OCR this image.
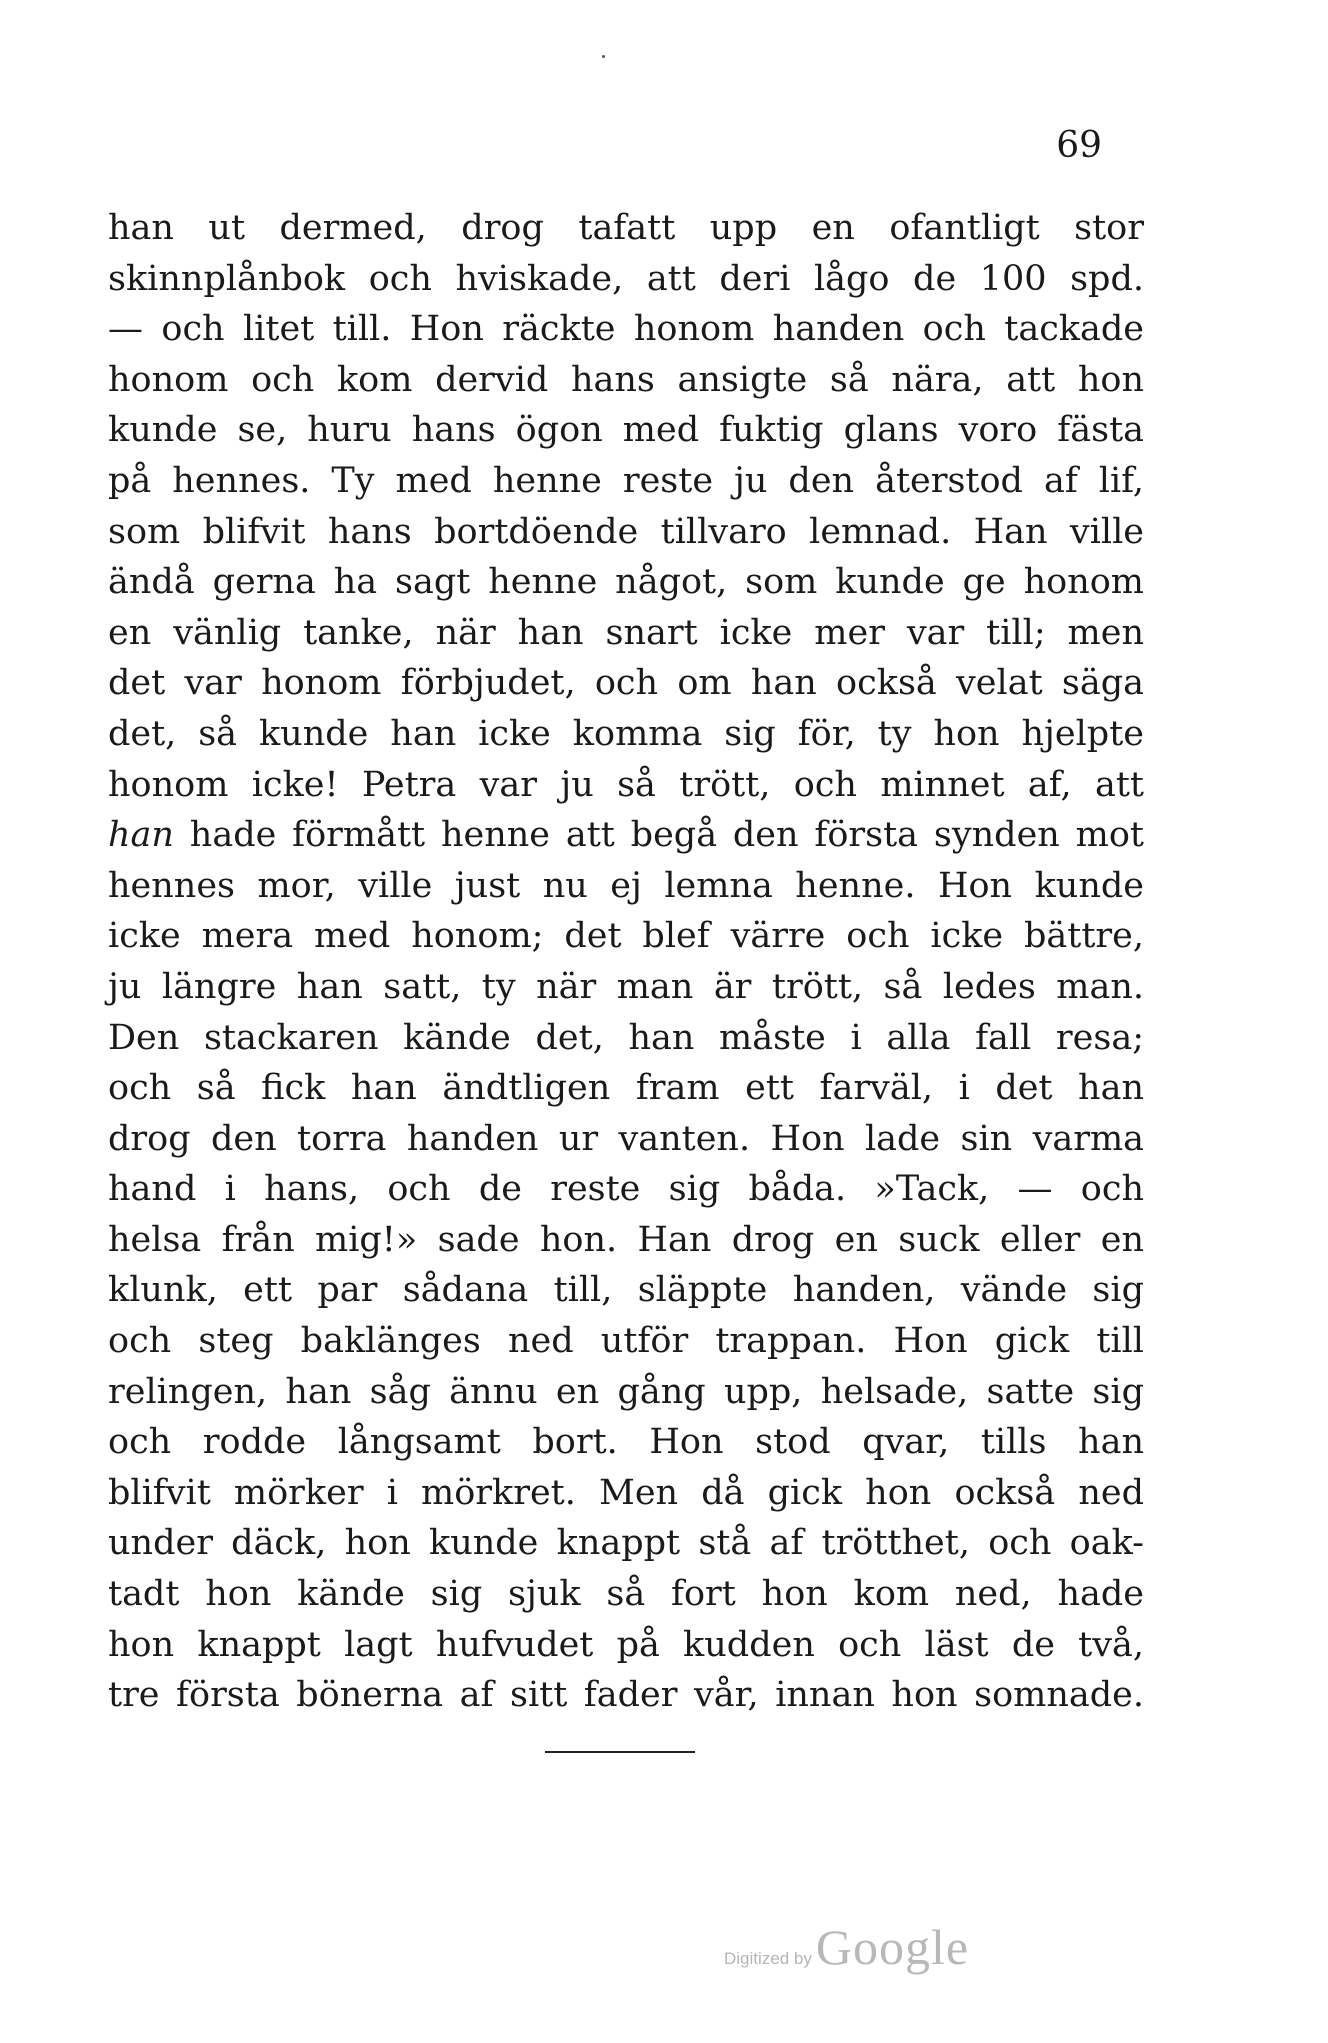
69
han ut dermed, drog tafatt upp en ofantligt stor
skinnplånbok och hviskade, att deri lågo de 100 spd.
— och litet till. Hon räckte honom handen och tackade
honom och kom dervid hans ansigte så nära, att hon
kunde se, huru hans ögon med fuktig glans voro fästa
på hennes. Ty med henne reste ju den återstod af lif,
som blifvit hans bortdöende tillvaro lemnad. Han ville
ändå gerna ha sagt henne något, som kunde ge honom
en vänlig tanke, när han snart icke mer var till; men
det var honom förbjudet, och om han också velat säga
det, så kunde han icke komma sig för, ty hon hjelpte
honom icke! Petra var ju så trött, och minnet af, att
han hade förmått henne att begå den första synden mot
hennes mor, ville just nu ej lemna henne. Hon kunde
icke mera med honom; det blef värre och icke bättre,
ju längre han satt, ty när man är trött, så ledes man.
Den stackaren kände det, han måste i alla fall resa;
och så fick han ändtligen fram ett farväl, i det han
drog den torra handen ur vanten. Hon lade sin varma
hand i hans, och de reste sig båda. »Tack, — och
helsa från mig!» sade hon. Han drog en suck eller en
klunk, ett par sådana till, släppte handen, vände sig
och steg baklänges ned utför trappan. Hon gick till
relingen, han såg ännu en gång upp, helsade, satte sig
och rodde långsamt bort. Hon stod qvar, tills han
blifvit mörker i mörkret. Men då gick hon också ned
under däck, hon kunde knappt stå af trötthet, och oak-
tadt hon kände sig sjuk så fort hon kom ned, hade
hon knappt lagt hufvudet på kudden och läst de två,
tre första bönerna af sitt fader vår, innan hon somnade.
Digitized byGoogle
